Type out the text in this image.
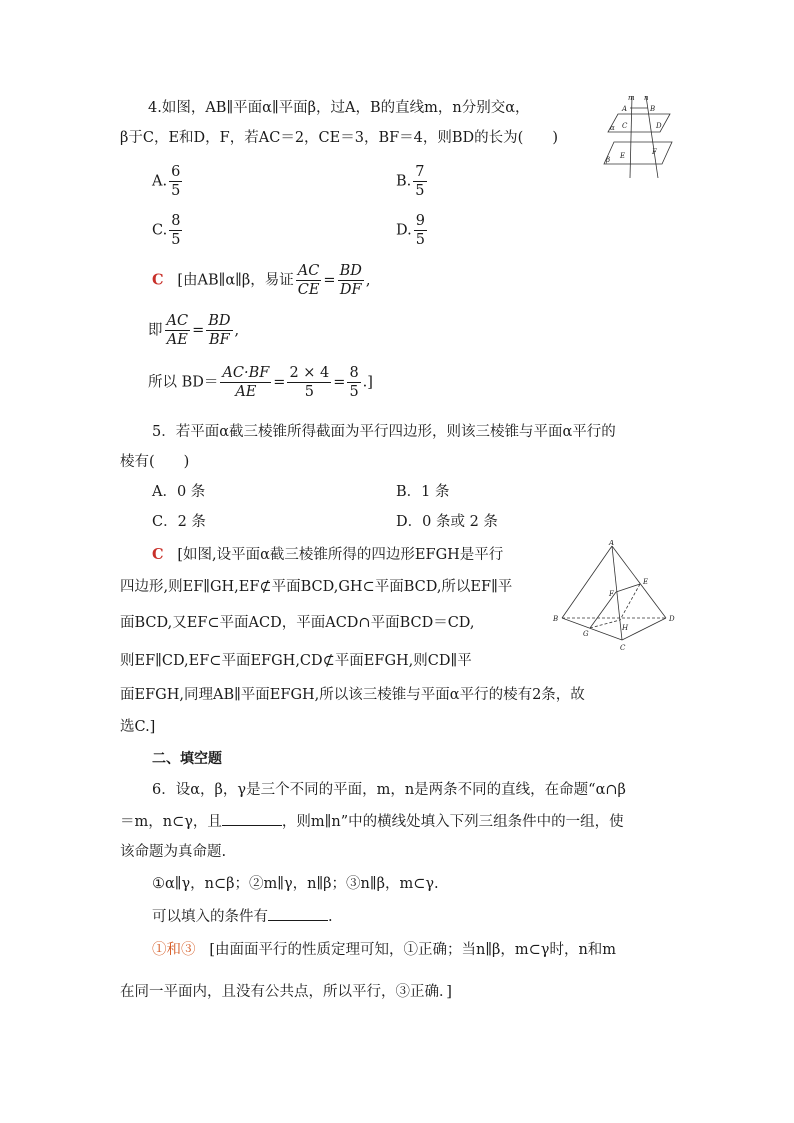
4.如图，AB∥平面α∥平面β，过A，B的直线m，n分别交α，
β于C，E和D，F，若AC＝2，CE＝3，BF＝4，则BD的长为(　　)
m n
A	B
C	D
α
E	F
β
A. $\frac{6}{5}$	B. $\frac{7}{5}$
C. $\frac{8}{5}$	D. $\frac{9}{5}$
C [由AB∥α∥β，易证 $\frac{AC}{CE} = \frac{BD}{DF}$ ,
即 $\frac{AC}{AE} = \frac{BD}{BF}$ ,
所以 $BD= \frac{AC\cdot BF}{AE} = \frac{2 \times 4}{5} = \frac{8}{5}$ .]
5．若平面α截三棱锥所得截面为平行四边形，则该三棱锥与平面α平行的
棱有(　　)
A．0 条	B．1 条
C．2 条	D．0 条或 2 条
C [如图,设平面α截三棱锥所得的四边形EFGH是平行
四边形,则EF∥GH,EF⊄平面BCD,GH⊂平面BCD,所以EF∥平
面BCD,又EF⊂平面ACD，平面ACD∩平面BCD＝CD,
则EF∥CD,EF⊂平面EFGH,CD⊄平面EFGH,则CD∥平
面EFGH,同理AB∥平面EFGH,所以该三棱锥与平面α平行的棱有2条，故
选C.]
A
B
C
D
E
F
G
H
二、填空题
6．设α，β，γ是三个不同的平面，m，n是两条不同的直线，在命题“α∩β
＝m，n⊂γ，且	，则m∥n”中的横线处填入下列三组条件中的一组，使
该命题为真命题.
①α∥γ，n⊂β；②m∥γ，n∥β；③n∥β，m⊂γ.
可以填入的条件有	.
①和③ [由面面平行的性质定理可知，①正确；当n∥β，m⊂γ时，n和m
在同一平面内，且没有公共点，所以平行，③正确．]
